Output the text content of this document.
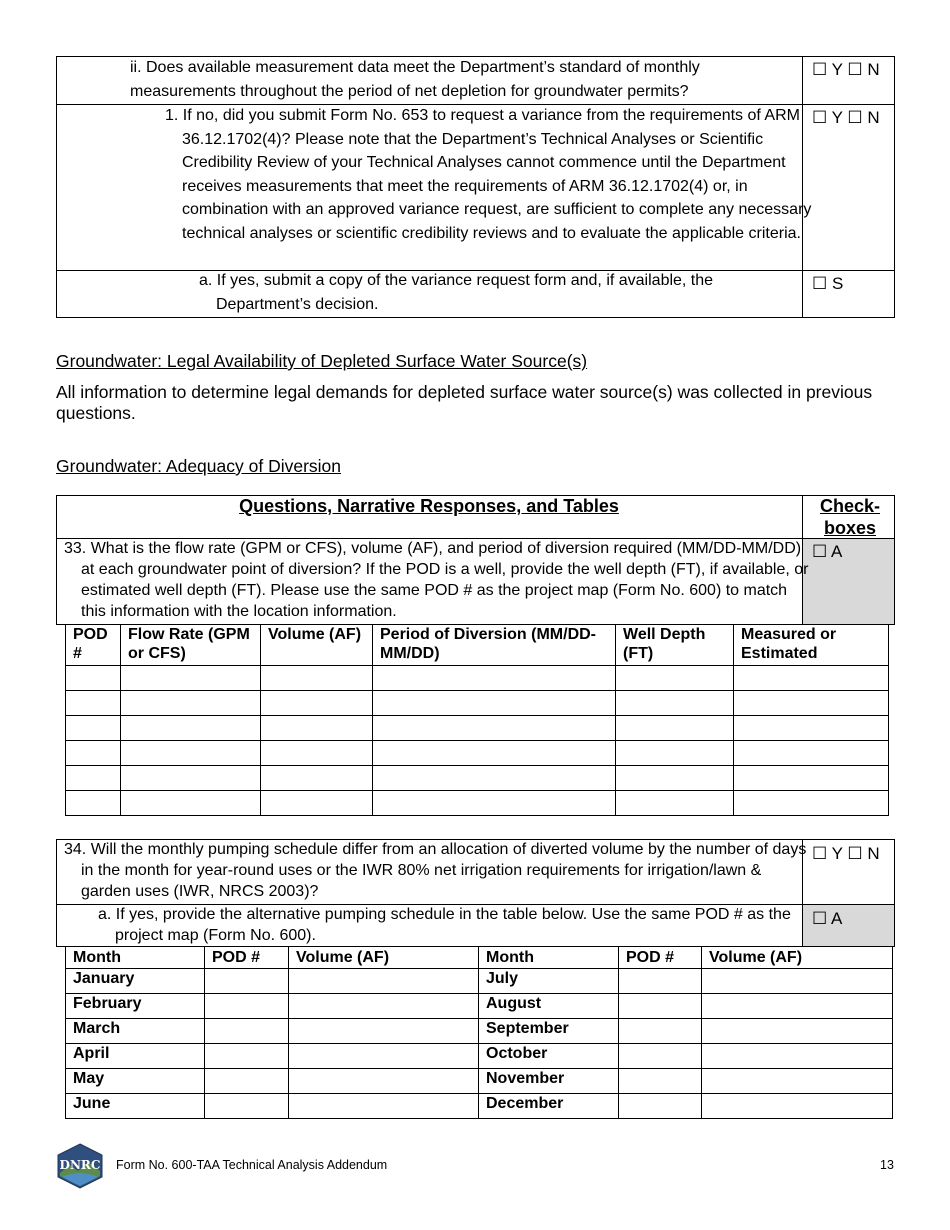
ii. Does available measurement data meet the Department’s standard of monthly measurements throughout the period of net depletion for groundwater permits?
☐ Y ☐ N
1. If no, did you submit Form No. 653 to request a variance from the requirements of ARM 36.12.1702(4)? Please note that the Department’s Technical Analyses or Scientific Credibility Review of your Technical Analyses cannot commence until the Department receives measurements that meet the requirements of ARM 36.12.1702(4) or, in combination with an approved variance request, are sufficient to complete any necessary technical analyses or scientific credibility reviews and to evaluate the applicable criteria.
☐ Y ☐ N
a. If yes, submit a copy of the variance request form and, if available, the Department’s decision.
☐ S
Groundwater: Legal Availability of Depleted Surface Water Source(s)
All information to determine legal demands for depleted surface water source(s) was collected in previous questions.
Groundwater: Adequacy of Diversion
Questions, Narrative Responses, and Tables	Check-boxes
33. What is the flow rate (GPM or CFS), volume (AF), and period of diversion required (MM/DD-MM/DD) at each groundwater point of diversion? If the POD is a well, provide the well depth (FT), if available, or estimated well depth (FT). Please use the same POD # as the project map (Form No. 600) to match this information with the location information.
☐ A
POD #	Flow Rate (GPM or CFS)	Volume (AF)	Period of Diversion (MM/DD-MM/DD)	Well Depth (FT)	Measured or Estimated

34. Will the monthly pumping schedule differ from an allocation of diverted volume by the number of days in the month for year-round uses or the IWR 80% net irrigation requirements for irrigation/lawn & garden uses (IWR, NRCS 2003)?
☐ Y ☐ N
a. If yes, provide the alternative pumping schedule in the table below. Use the same POD # as the project map (Form No. 600).
☐ A
Month	POD #	Volume (AF)	Month	POD #	Volume (AF)
January			July		
February			August		
March			September		
April			October		
May			November		
June			December		
DNRC Form No. 600-TAA Technical Analysis Addendum	13
